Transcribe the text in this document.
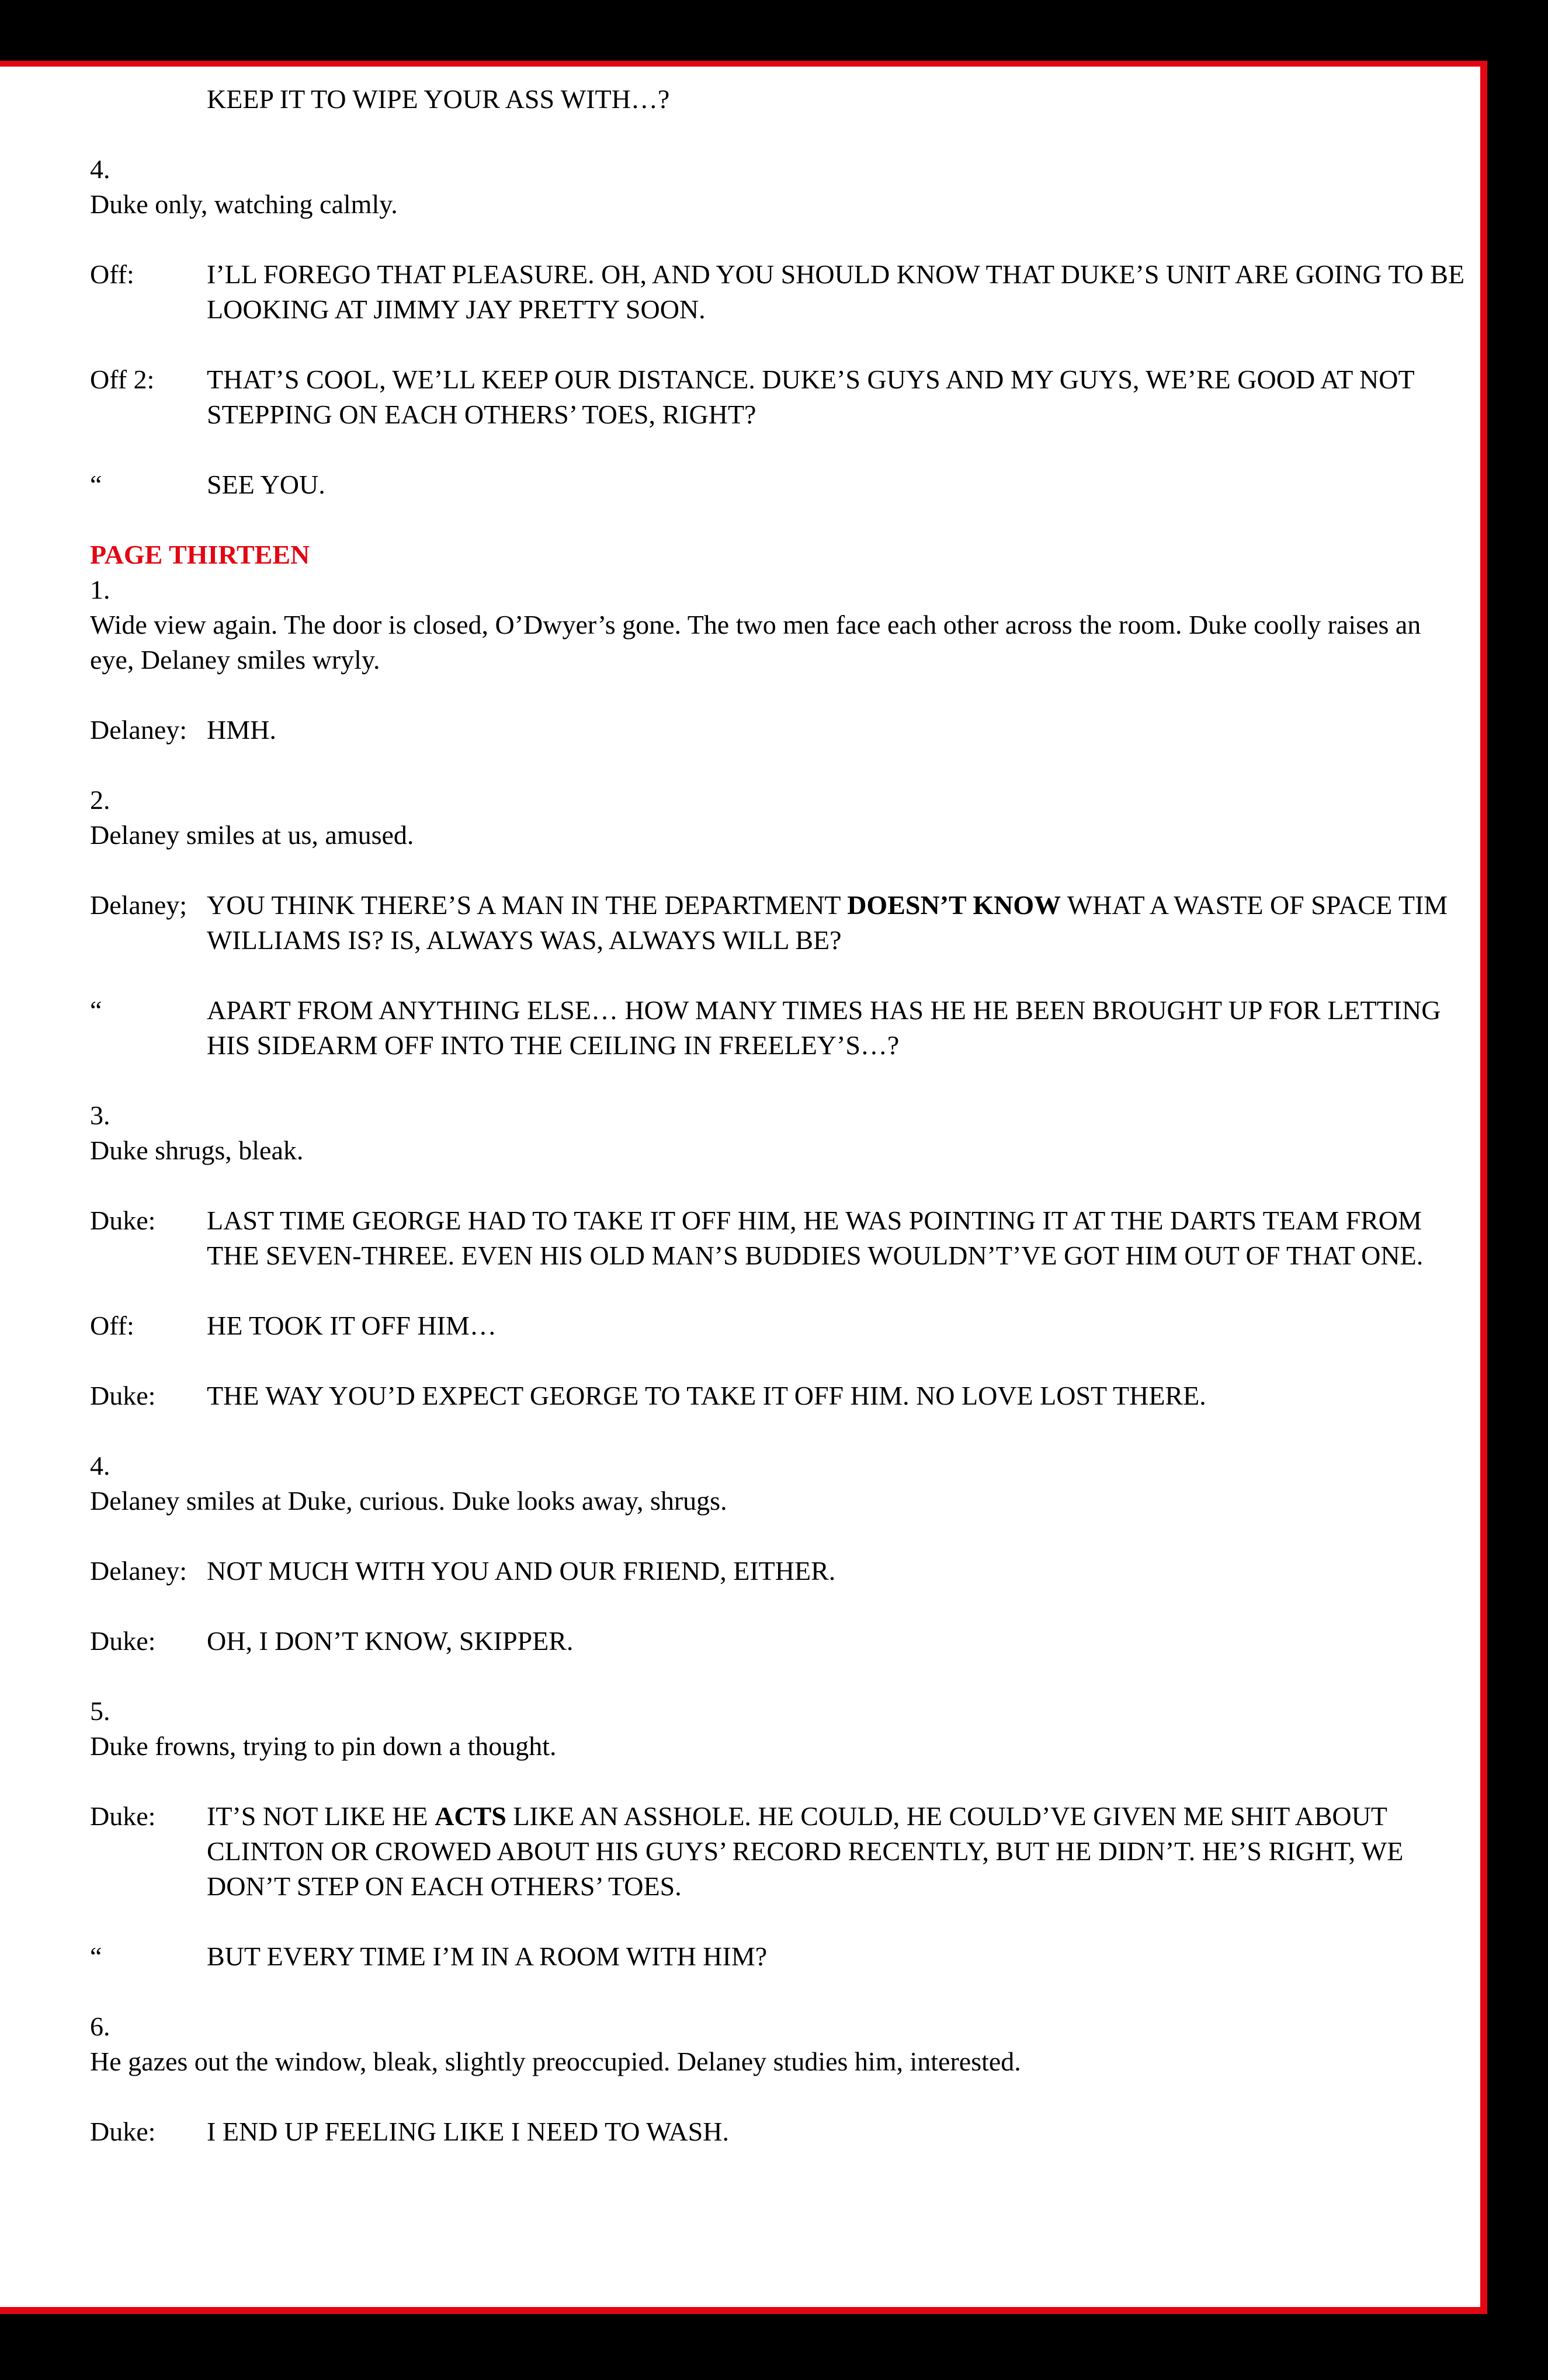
KEEP IT TO WIPE YOUR ASS WITH…?

4.

Duke only, watching calmly.

Off:	I’LL FOREGO THAT PLEASURE. OH, AND YOU SHOULD KNOW THAT DUKE’S UNIT ARE GOING TO BE LOOKING AT JIMMY JAY PRETTY SOON.
Off 2:	THAT’S COOL, WE’LL KEEP OUR DISTANCE. DUKE’S GUYS AND MY GUYS, WE’RE GOOD AT NOT STEPPING ON EACH OTHERS’ TOES, RIGHT?
“	SEE YOU.

PAGE THIRTEEN

1.

Wide view again. The door is closed, O’Dwyer’s gone. The two men face each other across the room. Duke coolly raises an eye, Delaney smiles wryly.

Delaney: HMH.

2.

Delaney smiles at us, amused.

Delaney; YOU THINK THERE’S A MAN IN THE DEPARTMENT DOESN’T KNOW WHAT A WASTE OF SPACE TIM WILLIAMS IS? IS, ALWAYS WAS, ALWAYS WILL BE?
“	APART FROM ANYTHING ELSE… HOW MANY TIMES HAS HE HE BEEN BROUGHT UP FOR LETTING HIS SIDEARM OFF INTO THE CEILING IN FREELEY’S…?

3.

Duke shrugs, bleak.

Duke:	LAST TIME GEORGE HAD TO TAKE IT OFF HIM, HE WAS POINTING IT AT THE DARTS TEAM FROM THE SEVEN-THREE. EVEN HIS OLD MAN’S BUDDIES WOULDN’T’VE GOT HIM OUT OF THAT ONE.
Off:	HE TOOK IT OFF HIM…
Duke:	THE WAY YOU’D EXPECT GEORGE TO TAKE IT OFF HIM. NO LOVE LOST THERE.

4.

Delaney smiles at Duke, curious. Duke looks away, shrugs.

Delaney: NOT MUCH WITH YOU AND OUR FRIEND, EITHER.
Duke:	OH, I DON’T KNOW, SKIPPER.

5.

Duke frowns, trying to pin down a thought.

Duke:	IT’S NOT LIKE HE ACTS LIKE AN ASSHOLE. HE COULD, HE COULD’VE GIVEN ME SHIT ABOUT CLINTON OR CROWED ABOUT HIS GUYS’ RECORD RECENTLY, BUT HE DIDN’T. HE’S RIGHT, WE DON’T STEP ON EACH OTHERS’ TOES.
“	BUT EVERY TIME I’M IN A ROOM WITH HIM?

6.

He gazes out the window, bleak, slightly preoccupied. Delaney studies him, interested.

Duke:	I END UP FEELING LIKE I NEED TO WASH.
